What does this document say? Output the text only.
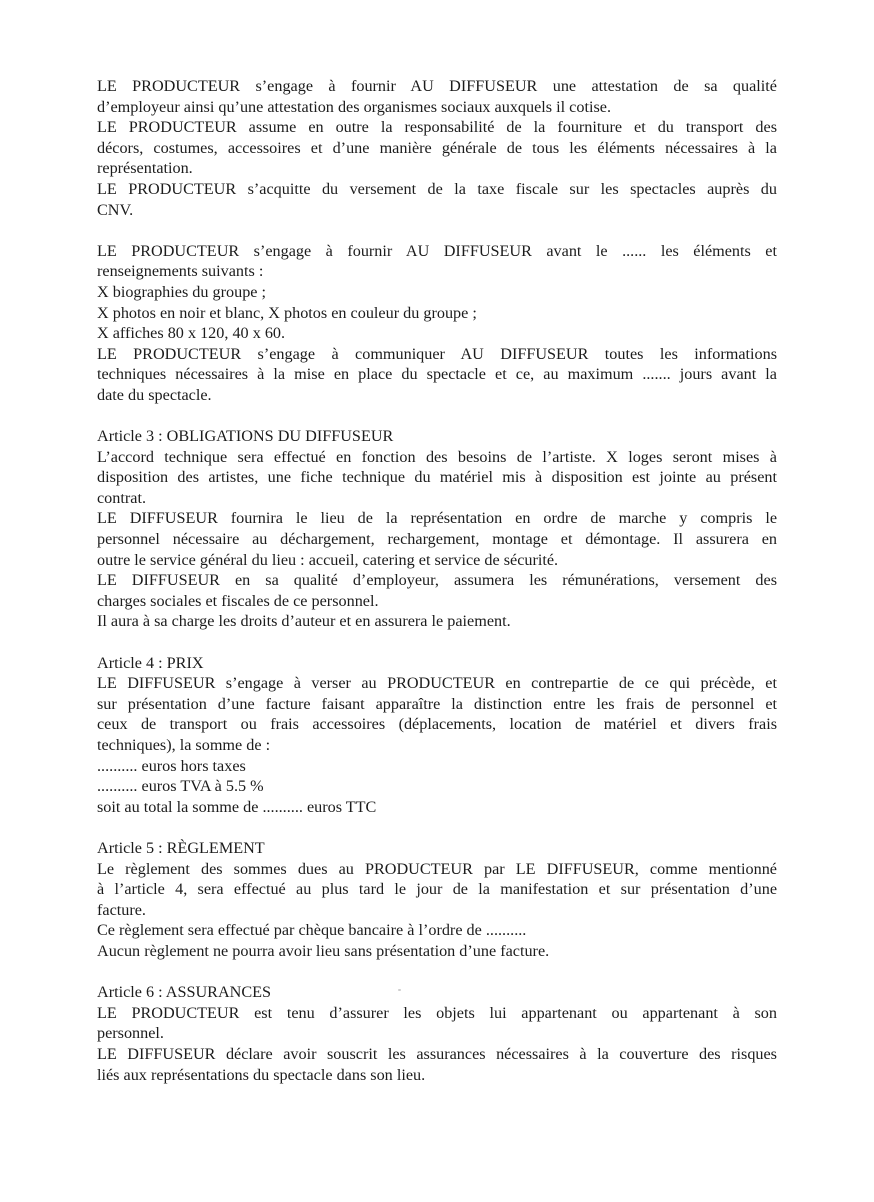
LE PRODUCTEUR s’engage à fournir AU DIFFUSEUR une attestation de sa qualité
d’employeur ainsi qu’une attestation des organismes sociaux auxquels il cotise.
LE PRODUCTEUR assume en outre la responsabilité de la fourniture et du transport des
décors, costumes, accessoires et d’une manière générale de tous les éléments nécessaires à la
représentation.
LE PRODUCTEUR s’acquitte du versement de la taxe fiscale sur les spectacles auprès du
CNV.
LE PRODUCTEUR s’engage à fournir AU DIFFUSEUR avant le ...... les éléments et
renseignements suivants :
X biographies du groupe ;
X photos en noir et blanc, X photos en couleur du groupe ;
X affiches 80 x 120, 40 x 60.
LE PRODUCTEUR s’engage à communiquer AU DIFFUSEUR toutes les informations
techniques nécessaires à la mise en place du spectacle et ce, au maximum ....... jours avant la
date du spectacle.
Article 3 : OBLIGATIONS DU DIFFUSEUR
L’accord technique sera effectué en fonction des besoins de l’artiste. X loges seront mises à
disposition des artistes, une fiche technique du matériel mis à disposition est jointe au présent
contrat.
LE DIFFUSEUR fournira le lieu de la représentation en ordre de marche y compris le
personnel nécessaire au déchargement, rechargement, montage et démontage. Il assurera en
outre le service général du lieu : accueil, catering et service de sécurité.
LE DIFFUSEUR en sa qualité d’employeur, assumera les rémunérations, versement des
charges sociales et fiscales de ce personnel.
Il aura à sa charge les droits d’auteur et en assurera le paiement.
Article 4 : PRIX
LE DIFFUSEUR s’engage à verser au PRODUCTEUR en contrepartie de ce qui précède, et
sur présentation d’une facture faisant apparaître la distinction entre les frais de personnel et
ceux de transport ou frais accessoires (déplacements, location de matériel et divers frais
techniques), la somme de :
.......... euros hors taxes
.......... euros TVA à 5.5 %
soit au total la somme de .......... euros TTC
Article 5 : RÈGLEMENT
Le règlement des sommes dues au PRODUCTEUR par LE DIFFUSEUR, comme mentionné
à l’article 4, sera effectué au plus tard le jour de la manifestation et sur présentation d’une
facture.
Ce règlement sera effectué par chèque bancaire à l’ordre de ..........
Aucun règlement ne pourra avoir lieu sans présentation d’une facture.
Article 6 : ASSURANCES
LE PRODUCTEUR est tenu d’assurer les objets lui appartenant ou appartenant à son
personnel.
LE DIFFUSEUR déclare avoir souscrit les assurances nécessaires à la couverture des risques
liés aux représentations du spectacle dans son lieu.
